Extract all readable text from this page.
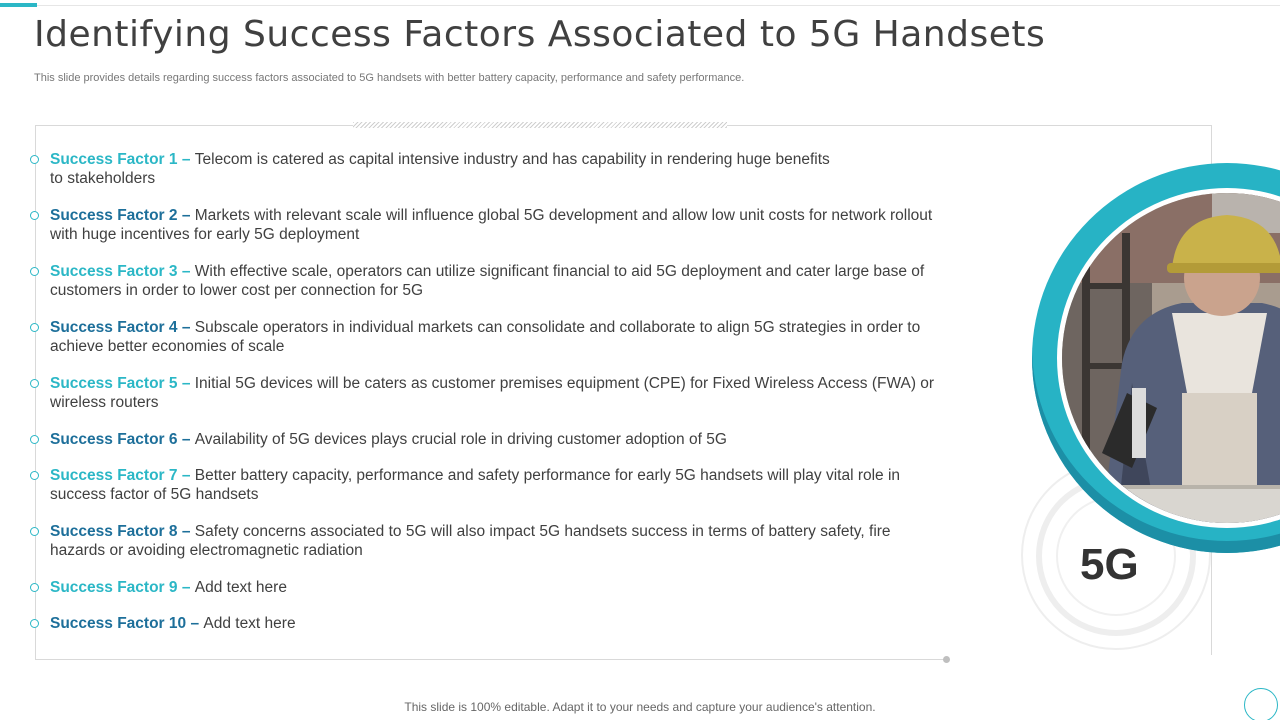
Identifying Success Factors Associated to 5G Handsets
This slide provides details regarding success factors associated to 5G handsets with better battery capacity, performance and safety performance.
Success Factor 1 – Telecom is catered as capital intensive industry and has capability in rendering huge benefits
to stakeholders
Success Factor 2 – Markets with relevant scale will influence global 5G development and allow low unit costs for network rollout
with huge incentives for early 5G deployment
Success Factor 3 – With effective scale, operators can utilize significant financial to aid 5G deployment and cater large base of
customers in order to lower cost per connection for 5G
Success Factor 4 – Subscale operators in individual markets can consolidate and collaborate to align 5G strategies in order to
achieve better economies of scale
Success Factor 5 – Initial 5G devices will be caters as customer premises equipment (CPE) for Fixed Wireless Access (FWA) or
wireless routers
Success Factor 6 – Availability of 5G devices plays crucial role in driving customer adoption of 5G
Success Factor 7 – Better battery capacity, performance and safety performance for early 5G handsets will play vital role in
success factor of 5G handsets
Success Factor 8 – Safety concerns associated to 5G will also impact 5G handsets success in terms of battery safety, fire
hazards or avoiding electromagnetic radiation
Success Factor 9 – Add text here
Success Factor 10 – Add text here
5G
This slide is 100% editable. Adapt it to your needs and capture your audience's attention.
